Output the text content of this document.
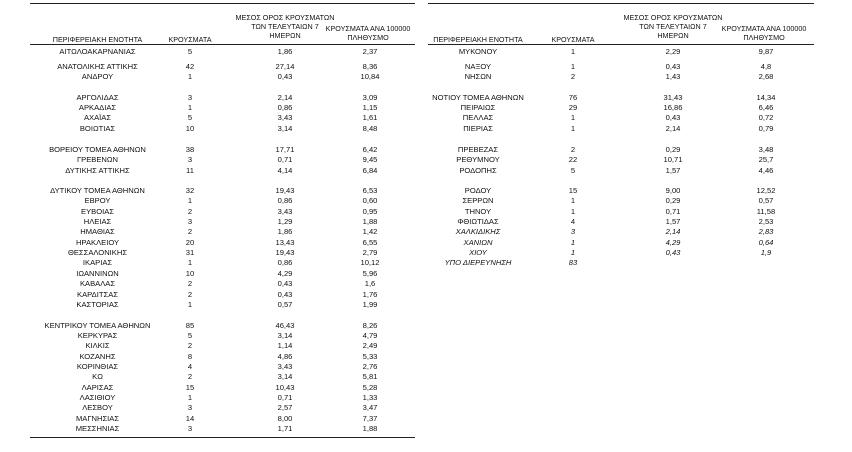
ΠΕΡΙΦΕΡΕΙΑΚΗ ΕΝΟΤΗΤΑ	ΚΡΟΥΣΜΑΤΑ
ΜΕΣΟΣ ΟΡΟΣ ΚΡΟΥΣΜΑΤΩΝ
ΤΩΝ ΤΕΛΕΥΤΑΙΩΝ 7
ΗΜΕΡΩΝ
ΚΡΟΥΣΜΑΤΑ ΑΝΑ 100000
ΠΛΗΘΥΣΜΟ
ΑΙΤΩΛΟΑΚΑΡΝΑΝΙΑΣ	5	1,86	2,37
ΑΝΑΤΟΛΙΚΗΣ ΑΤΤΙΚΗΣ	42	27,14	8,36
ΑΝΔΡΟΥ	1	0,43	10,84
ΑΡΓΟΛΙΔΑΣ	3	2,14	3,09
ΑΡΚΑΔΙΑΣ	1	0,86	1,15
ΑΧΑΪΑΣ	5	3,43	1,61
ΒΟΙΩΤΙΑΣ	10	3,14	8,48
ΒΟΡΕΙΟΥ ΤΟΜΕΑ ΑΘΗΝΩΝ	38	17,71	6,42
ΓΡΕΒΕΝΩΝ	3	0,71	9,45
ΔΥΤΙΚΗΣ ΑΤΤΙΚΗΣ	11	4,14	6,84
ΔΥΤΙΚΟΥ ΤΟΜΕΑ ΑΘΗΝΩΝ	32	19,43	6,53
ΕΒΡΟΥ	1	0,86	0,60
ΕΥΒΟΙΑΣ	2	3,43	0,95
ΗΛΕΙΑΣ	3	1,29	1,88
ΗΜΑΘΙΑΣ	2	1,86	1,42
ΗΡΑΚΛΕΙΟΥ	20	13,43	6,55
ΘΕΣΣΑΛΟΝΙΚΗΣ	31	19,43	2,79
ΙΚΑΡΙΑΣ	1	0,86	10,12
ΙΩΑΝΝΙΝΩΝ	10	4,29	5,96
ΚΑΒΑΛΑΣ	2	0,43	1,6
ΚΑΡΔΙΤΣΑΣ	2	0,43	1,76
ΚΑΣΤΟΡΙΑΣ	1	0,57	1,99
ΚΕΝΤΡΙΚΟΥ ΤΟΜΕΑ ΑΘΗΝΩΝ	85	46,43	8,26
ΚΕΡΚΥΡΑΣ	5	3,14	4,79
ΚΙΛΚΙΣ	2	1,14	2,49
ΚΟΖΑΝΗΣ	8	4,86	5,33
ΚΟΡΙΝΘΙΑΣ	4	3,43	2,76
ΚΩ	2	3,14	5,81
ΛΑΡΙΣΑΣ	15	10,43	5,28
ΛΑΣΙΘΙΟΥ	1	0,71	1,33
ΛΕΣΒΟΥ	3	2,57	3,47
ΜΑΓΝΗΣΙΑΣ	14	8,00	7,37
ΜΕΣΣΗΝΙΑΣ	3	1,71	1,88
ΠΕΡΙΦΕΡΕΙΑΚΗ ΕΝΟΤΗΤΑ	ΚΡΟΥΣΜΑΤΑ
ΜΕΣΟΣ ΟΡΟΣ ΚΡΟΥΣΜΑΤΩΝ
ΤΩΝ ΤΕΛΕΥΤΑΙΩΝ 7
ΗΜΕΡΩΝ
ΚΡΟΥΣΜΑΤΑ ΑΝΑ 100000
ΠΛΗΘΥΣΜΟ
ΜΥΚΟΝΟΥ	1	2,29	9,87
ΝΑΞΟΥ	1	0,43	4,8
ΝΗΣΩΝ	2	1,43	2,68
ΝΟΤΙΟΥ ΤΟΜΕΑ ΑΘΗΝΩΝ	76	31,43	14,34
ΠΕΙΡΑΙΩΣ	29	16,86	6,46
ΠΕΛΛΑΣ	1	0,43	0,72
ΠΙΕΡΙΑΣ	1	2,14	0,79
ΠΡΕΒΕΖΑΣ	2	0,29	3,48
ΡΕΘΥΜΝΟΥ	22	10,71	25,7
ΡΟΔΟΠΗΣ	5	1,57	4,46
ΡΟΔΟΥ	15	9,00	12,52
ΣΕΡΡΩΝ	1	0,29	0,57
ΤΗΝΟΥ	1	0,71	11,58
ΦΘΙΩΤΙΔΑΣ	4	1,57	2,53
ΧΑΛΚΙΔΙΚΗΣ	3	2,14	2,83
ΧΑΝΙΩΝ	1	4,29	0,64
ΧΙΟΥ	1	0,43	1,9
ΥΠΟ ΔΙΕΡΕΥΝΗΣΗ	83
